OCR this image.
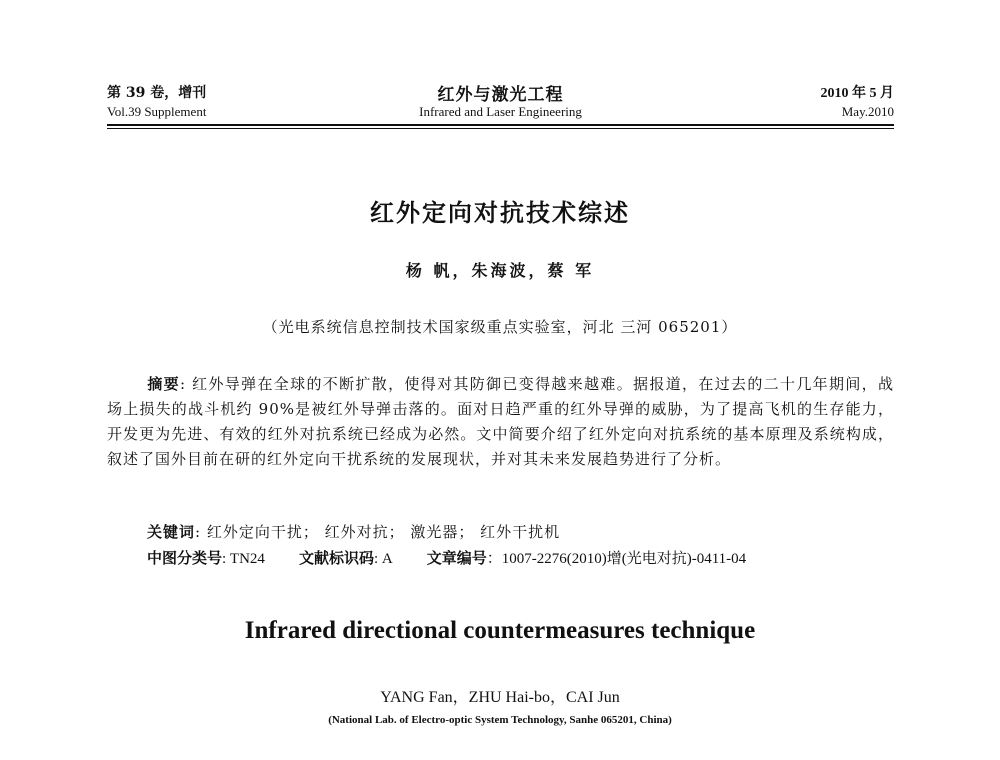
第 39 卷，增刊
Vol.39 Supplement
红外与激光工程
Infrared and Laser Engineering
2010 年 5 月
May.2010
红外定向对抗技术综述
杨 帆，朱海波，蔡 军
（光电系统信息控制技术国家级重点实验室，河北 三河 065201）
摘要: 红外导弹在全球的不断扩散，使得对其防御已变得越来越难。据报道，在过去的二十几年期间，战场上损失的战斗机约 90%是被红外导弹击落的。面对日趋严重的红外导弹的威胁，为了提高飞机的生存能力，开发更为先进、有效的红外对抗系统已经成为必然。文中简要介绍了红外定向对抗系统的基本原理及系统构成，叙述了国外目前在研的红外定向干扰系统的发展现状，并对其未来发展趋势进行了分析。
关键词: 红外定向干扰； 红外对抗； 激光器； 红外干扰机
中图分类号: TN24 文献标识码: A 文章编号：1007-2276(2010)增(光电对抗)-0411-04
Infrared directional countermeasures technique
YANG Fan，ZHU Hai-bo，CAI Jun
(National Lab. of Electro-optic System Technology, Sanhe 065201, China)
